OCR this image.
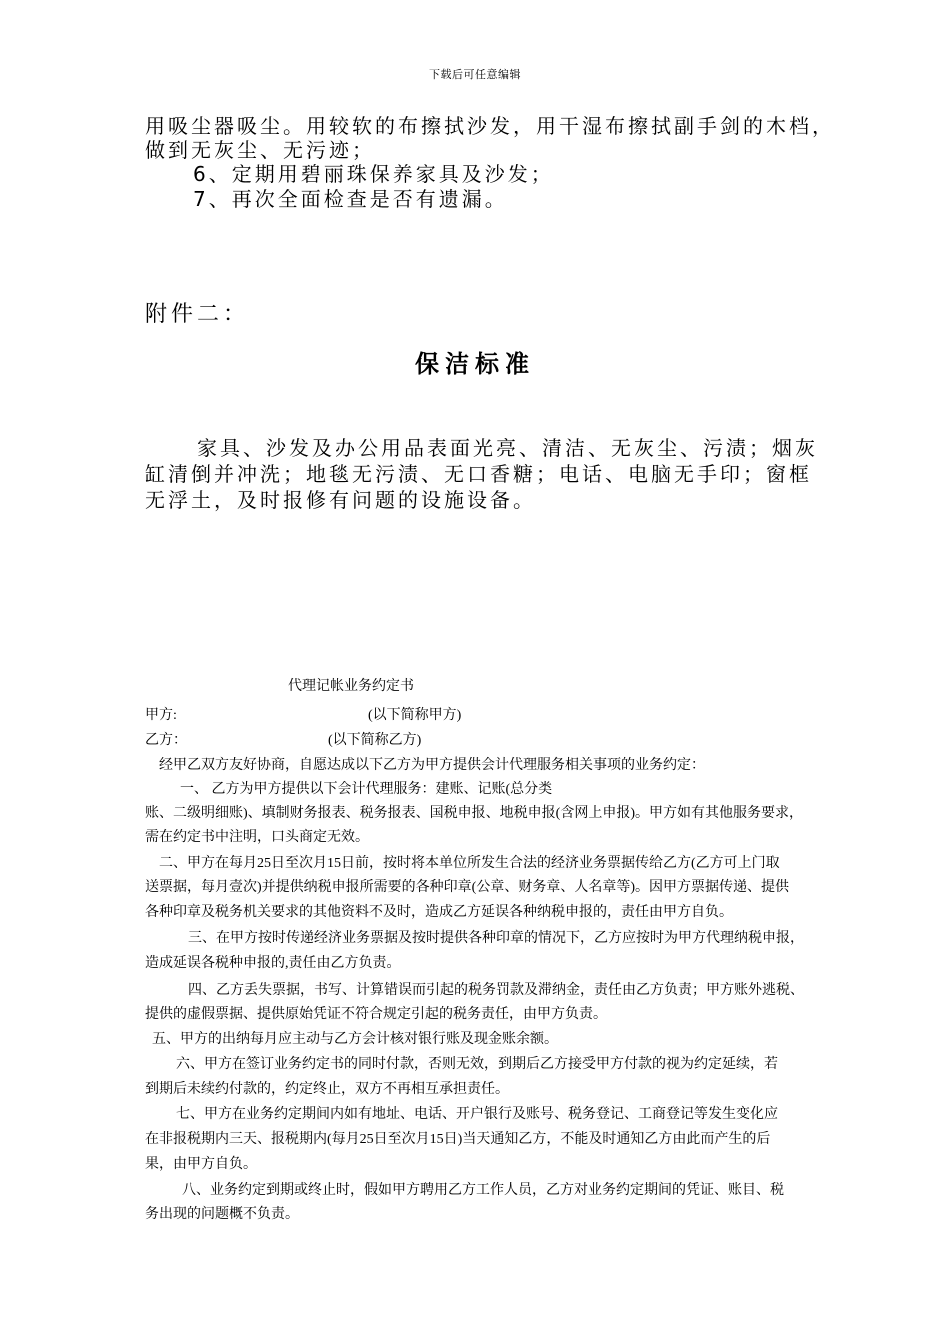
下载后可任意编辑
用吸尘器吸尘。用较软的布擦拭沙发，用干湿布擦拭副手剑的木档，
做到无灰尘、无污迹；
6、定期用碧丽珠保养家具及沙发；
7、再次全面检查是否有遗漏。
附件二：
保洁标准
家具、沙发及办公用品表面光亮、清洁、无灰尘、污渍；烟灰
缸清倒并冲洗；地毯无污渍、无口香糖；电话、电脑无手印；窗框
无浮土，及时报修有问题的设施设备。
代理记帐业务约定书
甲方:	(以下简称甲方)
乙方：	(以下简称乙方)
经甲乙双方友好协商，自愿达成以下乙方为甲方提供会计代理服务相关事项的业务约定：
一、 乙方为甲方提供以下会计代理服务：建账、记账(总分类
账、二级明细账)、填制财务报表、税务报表、国税申报、地税申报(含网上申报)。甲方如有其他服务要求，
需在约定书中注明，口头商定无效。
二、甲方在每月25日至次月15日前，按时将本单位所发生合法的经济业务票据传给乙方(乙方可上门取
送票据，每月壹次)并提供纳税申报所需要的各种印章(公章、财务章、人名章等)。因甲方票据传递、提供
各种印章及税务机关要求的其他资料不及时，造成乙方延误各种纳税申报的，责任由甲方自负。
三、在甲方按时传递经济业务票据及按时提供各种印章的情况下，乙方应按时为甲方代理纳税申报，
造成延误各税种申报的,责任由乙方负责。
四、乙方丢失票据，书写、计算错误而引起的税务罚款及滞纳金，责任由乙方负责；甲方账外逃税、
提供的虚假票据、提供原始凭证不符合规定引起的税务责任，由甲方负责。
五、甲方的出纳每月应主动与乙方会计核对银行账及现金账余额。
六、甲方在签订业务约定书的同时付款，否则无效，到期后乙方接受甲方付款的视为约定延续，若
到期后未续约付款的，约定终止，双方不再相互承担责任。
七、甲方在业务约定期间内如有地址、电话、开户银行及账号、税务登记、工商登记等发生变化应
在非报税期内三天、报税期内(每月25日至次月15日)当天通知乙方，不能及时通知乙方由此而产生的后
果，由甲方自负。
八、业务约定到期或终止时，假如甲方聘用乙方工作人员，乙方对业务约定期间的凭证、账目、税
务出现的问题概不负责。
